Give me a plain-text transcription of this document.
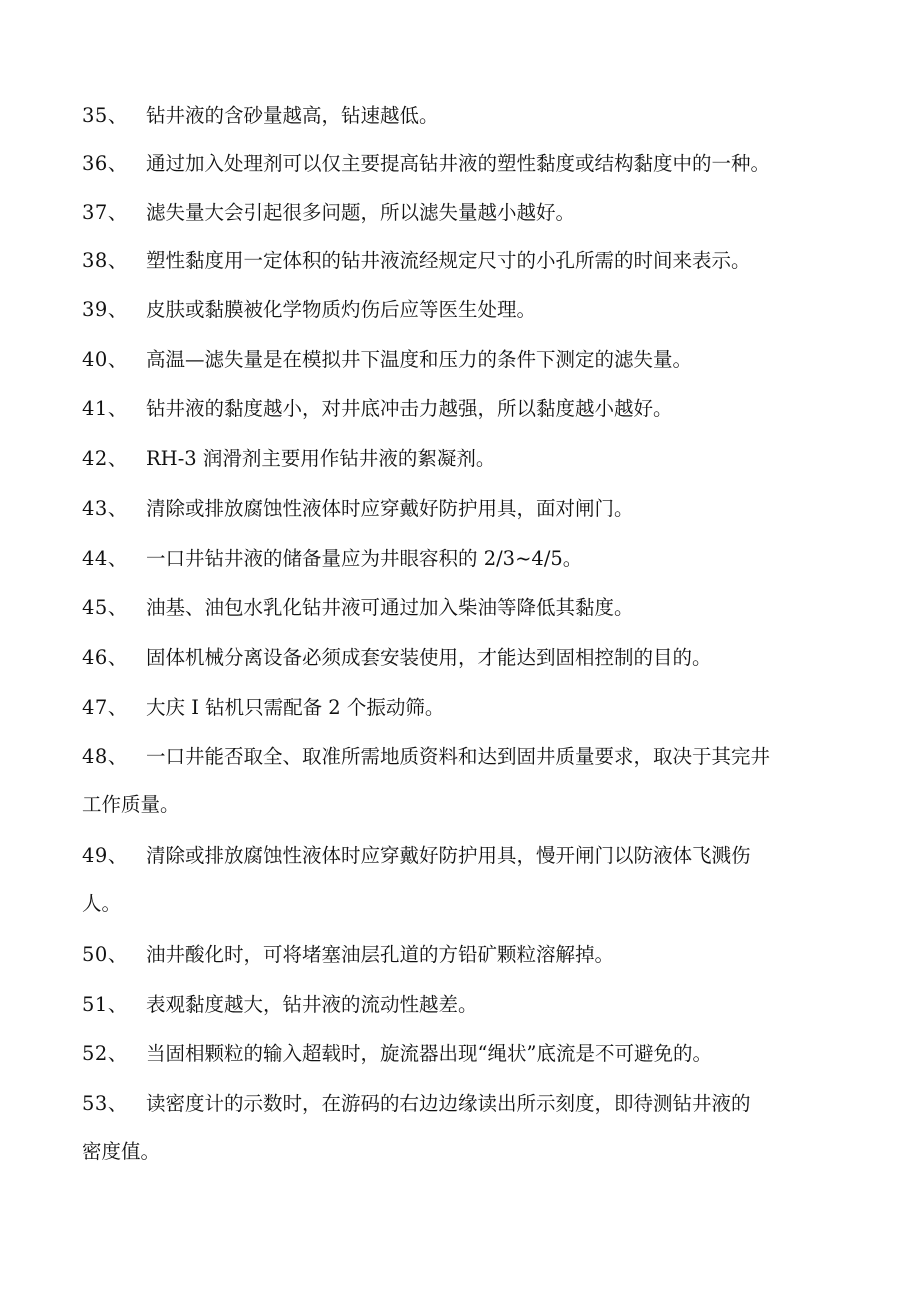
35、 钻井液的含砂量越高，钻速越低。
36、 通过加入处理剂可以仅主要提高钻井液的塑性黏度或结构黏度中的一种。
37、 滤失量大会引起很多问题，所以滤失量越小越好。
38、 塑性黏度用一定体积的钻井液流经规定尺寸的小孔所需的时间来表示。
39、 皮肤或黏膜被化学物质灼伤后应等医生处理。
40、 高温—滤失量是在模拟井下温度和压力的条件下测定的滤失量。
41、 钻井液的黏度越小，对井底冲击力越强，所以黏度越小越好。
42、 RH-3 润滑剂主要用作钻井液的絮凝剂。
43、 清除或排放腐蚀性液体时应穿戴好防护用具，面对闸门。
44、 一口井钻井液的储备量应为井眼容积的 2/3~4/5。
45、 油基、油包水乳化钻井液可通过加入柴油等降低其黏度。
46、 固体机械分离设备必须成套安装使用，才能达到固相控制的目的。
47、 大庆 I 钻机只需配备 2 个振动筛。
48、 一口井能否取全、取准所需地质资料和达到固井质量要求，取决于其完井
工作质量。
49、 清除或排放腐蚀性液体时应穿戴好防护用具，慢开闸门以防液体飞溅伤
人。
50、 油井酸化时，可将堵塞油层孔道的方铅矿颗粒溶解掉。
51、 表观黏度越大，钻井液的流动性越差。
52、 当固相颗粒的输入超载时，旋流器出现“绳状”底流是不可避免的。
53、 读密度计的示数时，在游码的右边边缘读出所示刻度，即待测钻井液的
密度值。
